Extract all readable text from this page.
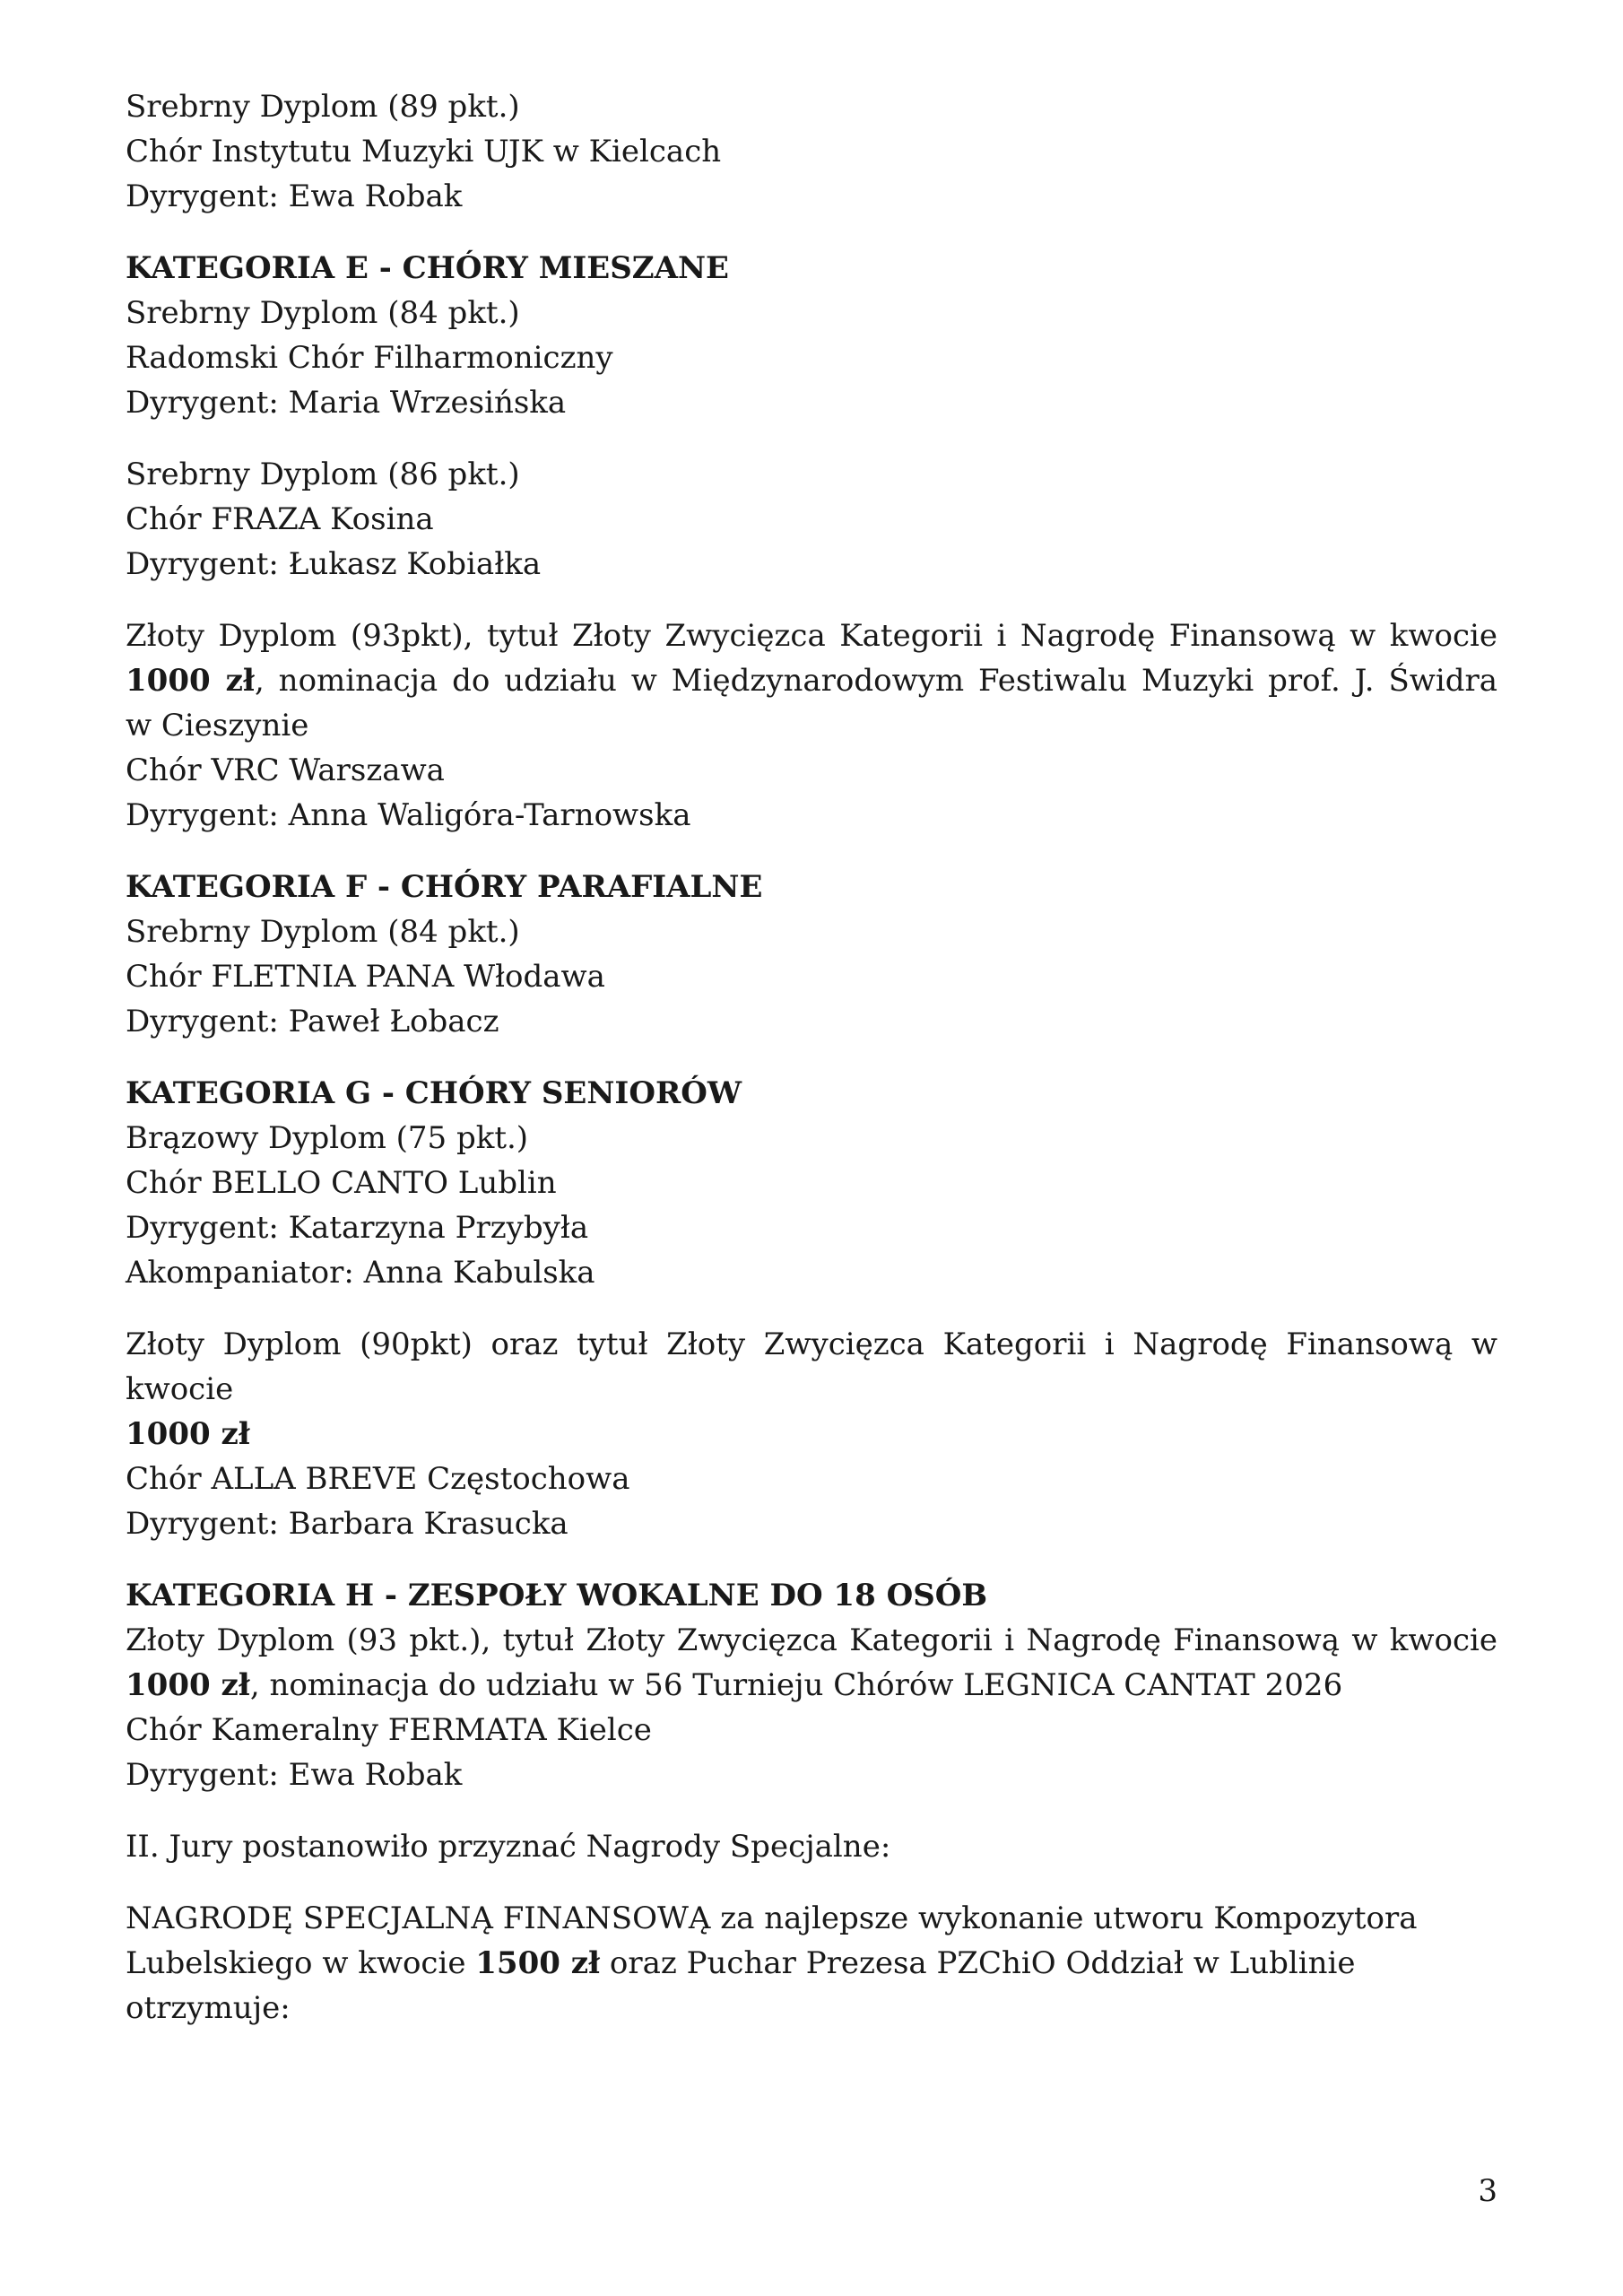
Srebrny Dyplom (89 pkt.)
Chór Instytutu Muzyki UJK w Kielcach
Dyrygent: Ewa Robak
KATEGORIA E - CHÓRY MIESZANE
Srebrny Dyplom (84 pkt.)
Radomski Chór Filharmoniczny
Dyrygent: Maria Wrzesińska
Srebrny Dyplom (86 pkt.)
Chór FRAZA Kosina
Dyrygent: Łukasz Kobiałka
Złoty Dyplom (93pkt), tytuł Złoty Zwycięzca Kategorii i Nagrodę Finansową w kwocie
1000 zł, nominacja do udziału w Międzynarodowym Festiwalu Muzyki prof. J. Świdra
w Cieszynie
Chór VRC Warszawa
Dyrygent: Anna Waligóra-Tarnowska
KATEGORIA F - CHÓRY PARAFIALNE
Srebrny Dyplom (84 pkt.)
Chór FLETNIA PANA Włodawa
Dyrygent: Paweł Łobacz
KATEGORIA G - CHÓRY SENIORÓW
Brązowy Dyplom (75 pkt.)
Chór BELLO CANTO Lublin
Dyrygent: Katarzyna Przybyła
Akompaniator: Anna Kabulska
Złoty Dyplom (90pkt) oraz tytuł Złoty Zwycięzca Kategorii i Nagrodę Finansową w kwocie
1000 zł
Chór ALLA BREVE Częstochowa
Dyrygent: Barbara Krasucka
KATEGORIA H - ZESPOŁY WOKALNE DO 18 OSÓB
Złoty Dyplom (93 pkt.), tytuł Złoty Zwycięzca Kategorii i Nagrodę Finansową w kwocie
1000 zł, nominacja do udziału w 56 Turnieju Chórów LEGNICA CANTAT 2026
Chór Kameralny FERMATA Kielce
Dyrygent: Ewa Robak
II. Jury postanowiło przyznać Nagrody Specjalne:
NAGRODĘ SPECJALNĄ FINANSOWĄ za najlepsze wykonanie utworu Kompozytora
Lubelskiego w kwocie 1500 zł oraz Puchar Prezesa PZChiO Oddział w Lublinie
otrzymuje:
3
